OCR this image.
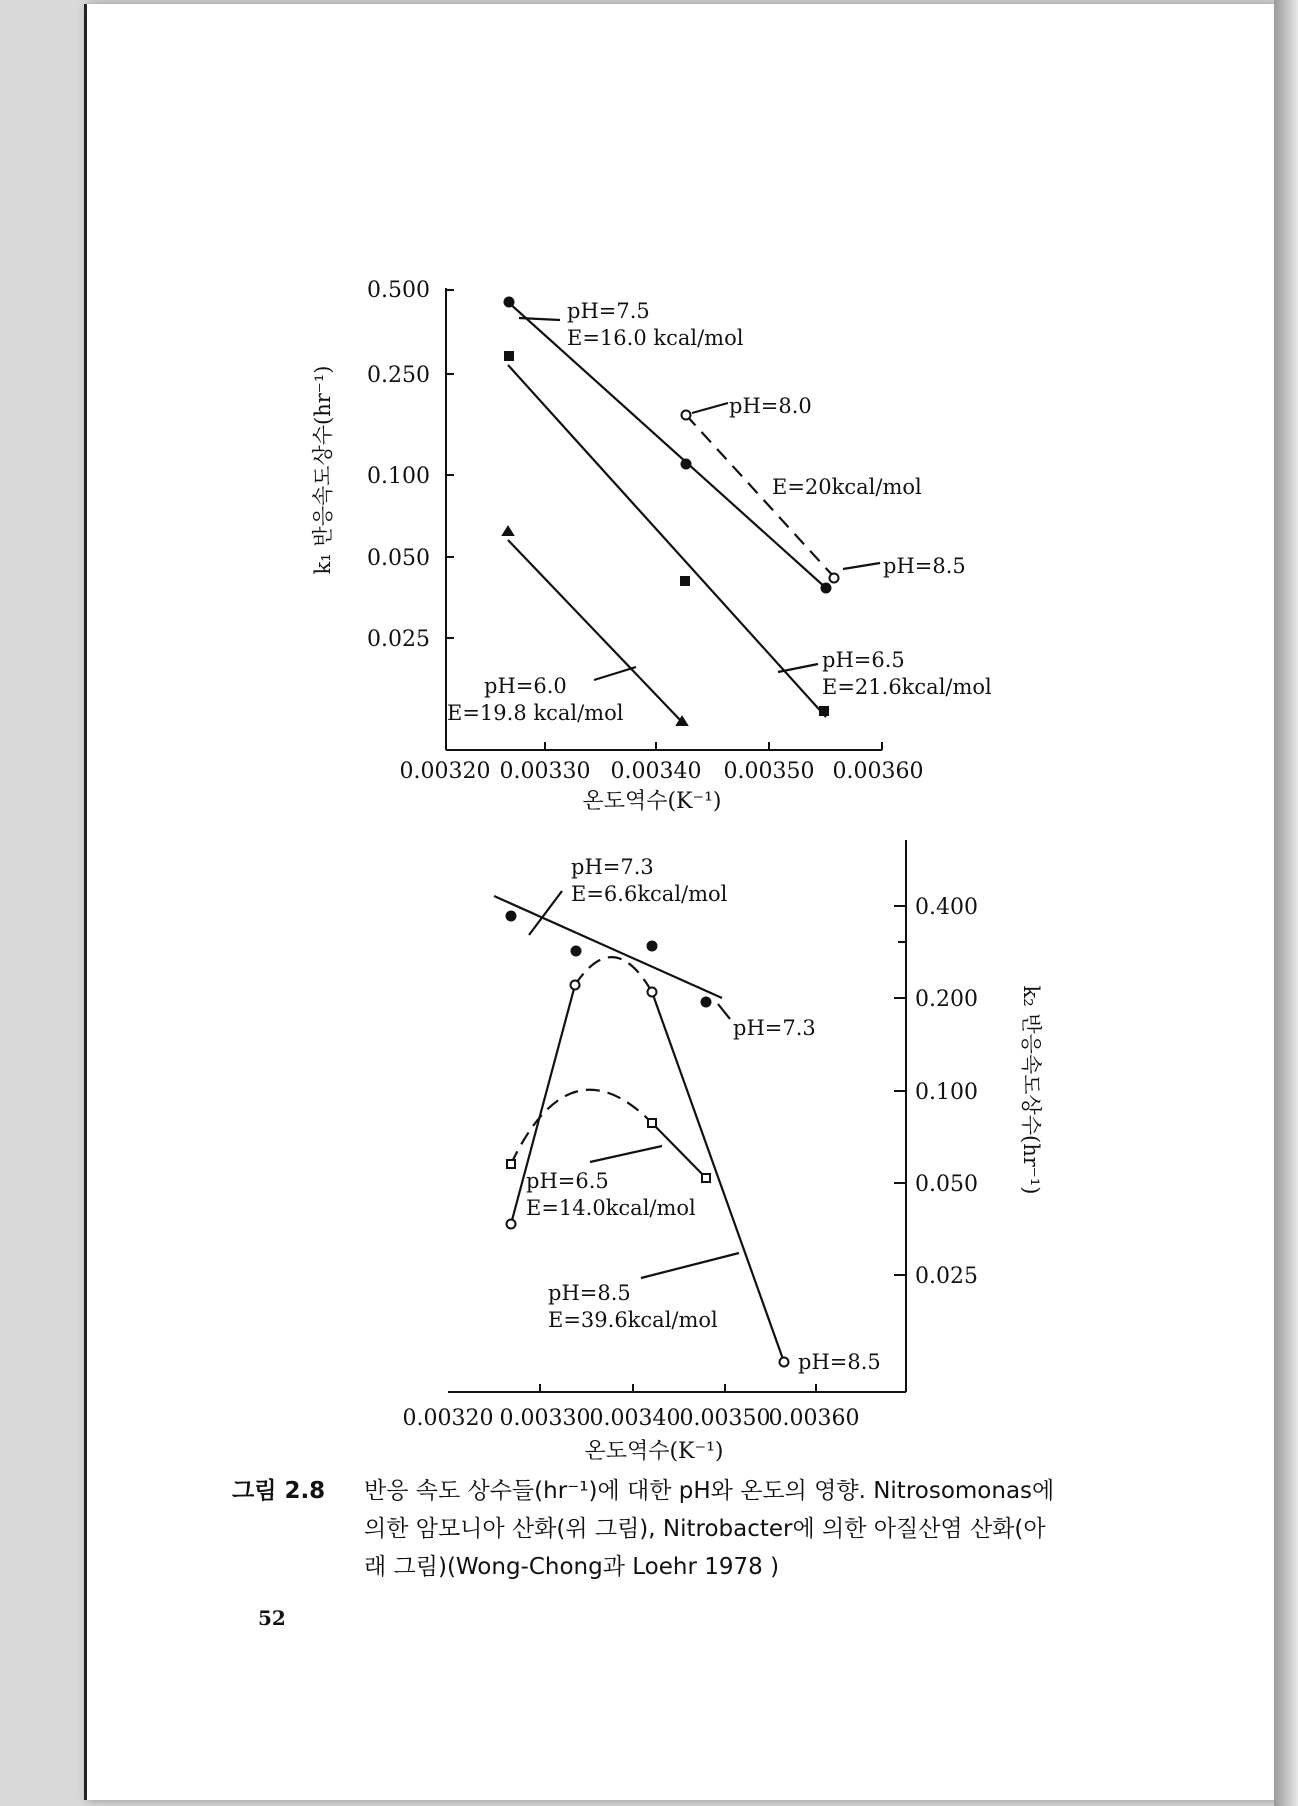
0.500
0.250
0.100
0.050
0.025
0.00320 0.00330 0.00340 0.00350 0.00360
온도역수(K⁻¹)
k₁ 반응속도상수(hr⁻¹)
pH=7.5
E=16.0 kcal/mol
pH=8.0
E=20kcal/mol
pH=8.5
pH=6.5
E=21.6kcal/mol
pH=6.0
E=19.8 kcal/mol
0.400
0.200
0.100
0.050
0.025
0.00320 0.00330 0.00340 0.00350
0.00360
온도역수(K⁻¹)
k₂ 반응속도상수(hr⁻¹)
pH=7.3
E=6.6kcal/mol
pH=7.3
pH=6.5
E=14.0kcal/mol
pH=8.5
E=39.6kcal/mol
pH=8.5
그림 2.8 반응 속도 상수들(hr⁻¹)에 대한 pH와 온도의 영향. Nitrosomonas에
의한 암모니아 산화(위 그림), Nitrobacter에 의한 아질산염 산화(아
래 그림)(Wong-Chong과 Loehr 1978 )
52
